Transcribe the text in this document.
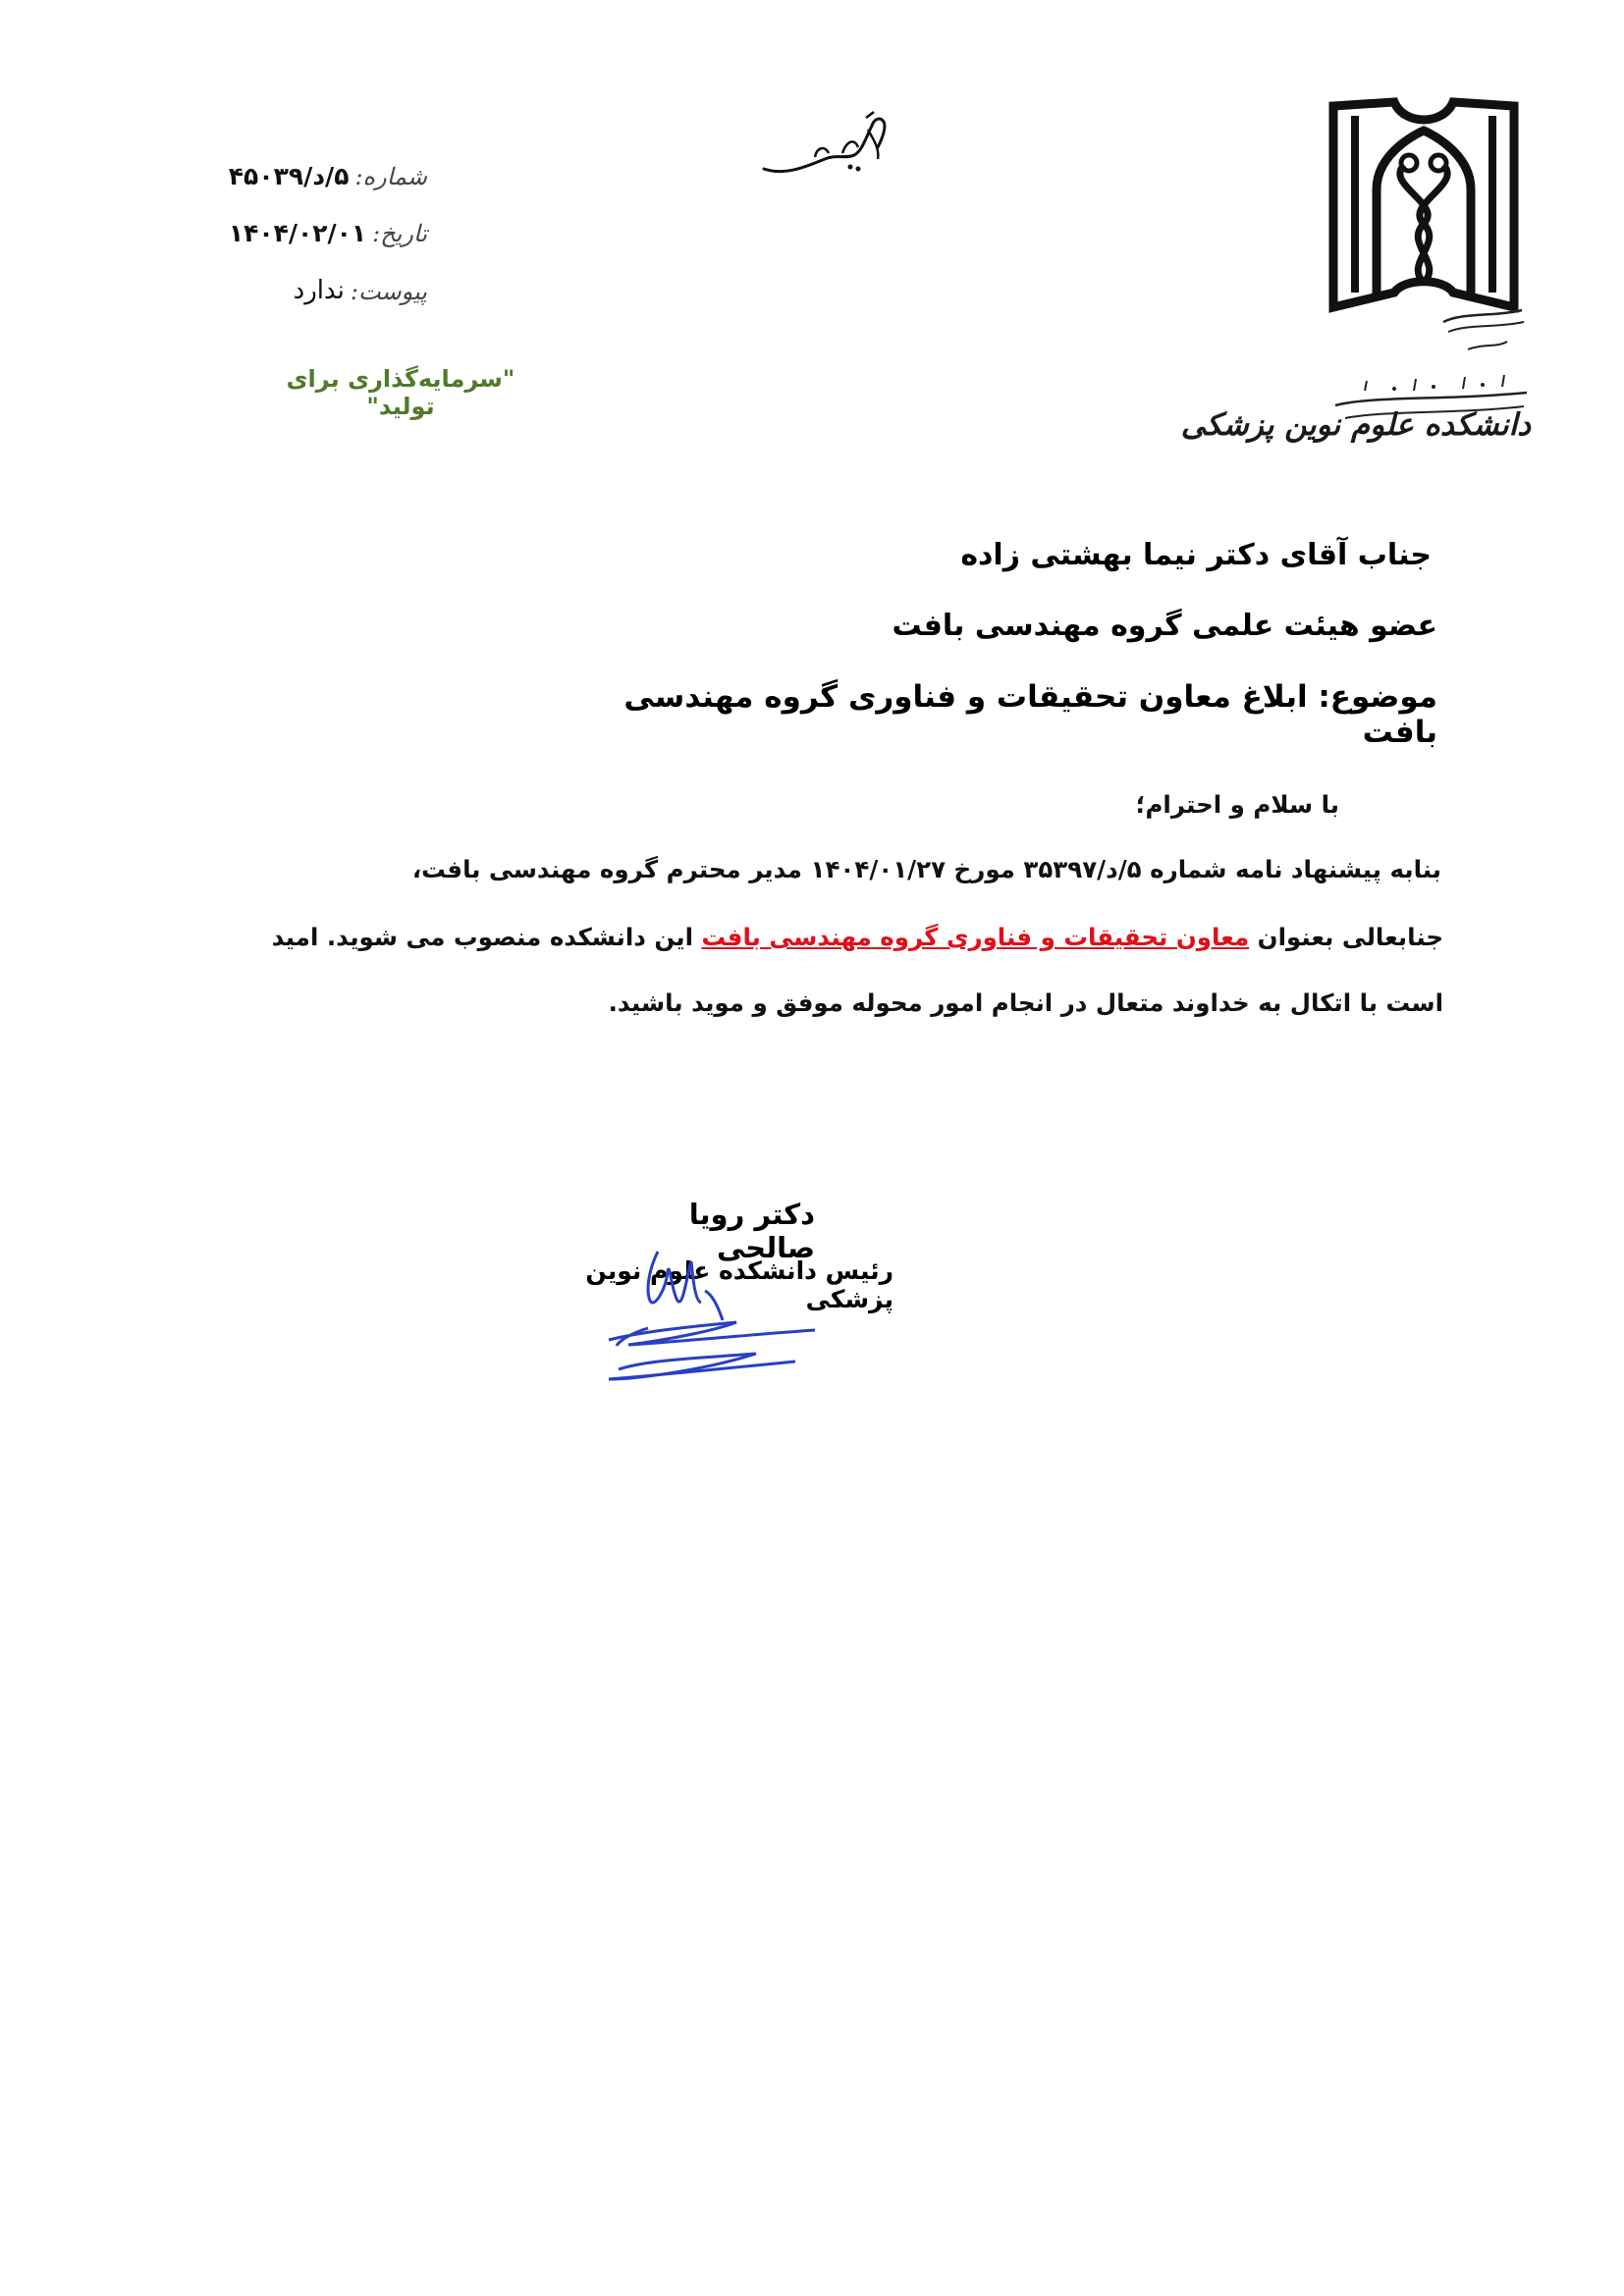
شماره:۵/د/۴۵۰۳۹
تاریخ:۱۴۰۴/۰۲/۰۱
پیوست:ندارد
"سرمایه‌گذاری برای تولید"
دانشکده علوم نوین پزشکی
جناب آقای دکتر نیما بهشتی زاده
عضو هیئت علمی گروه مهندسی بافت
موضوع: ابلاغ معاون تحقیقات و فناوری گروه مهندسی بافت
با سلام و احترام؛
بنابه پیشنهاد نامه شماره ۵/د/۳۵۳۹۷ مورخ ۱۴۰۴/۰۱/۲۷ مدیر محترم گروه مهندسی بافت،
جنابعالی بعنوان معاون تحقیقات و فناوری گروه مهندسی بافت این دانشکده منصوب می شوید. امید
است با اتکال به خداوند متعال در انجام امور محوله موفق و موید باشید.
دکتر رویا صالحی
رئیس دانشکده علوم نوین پزشکی
